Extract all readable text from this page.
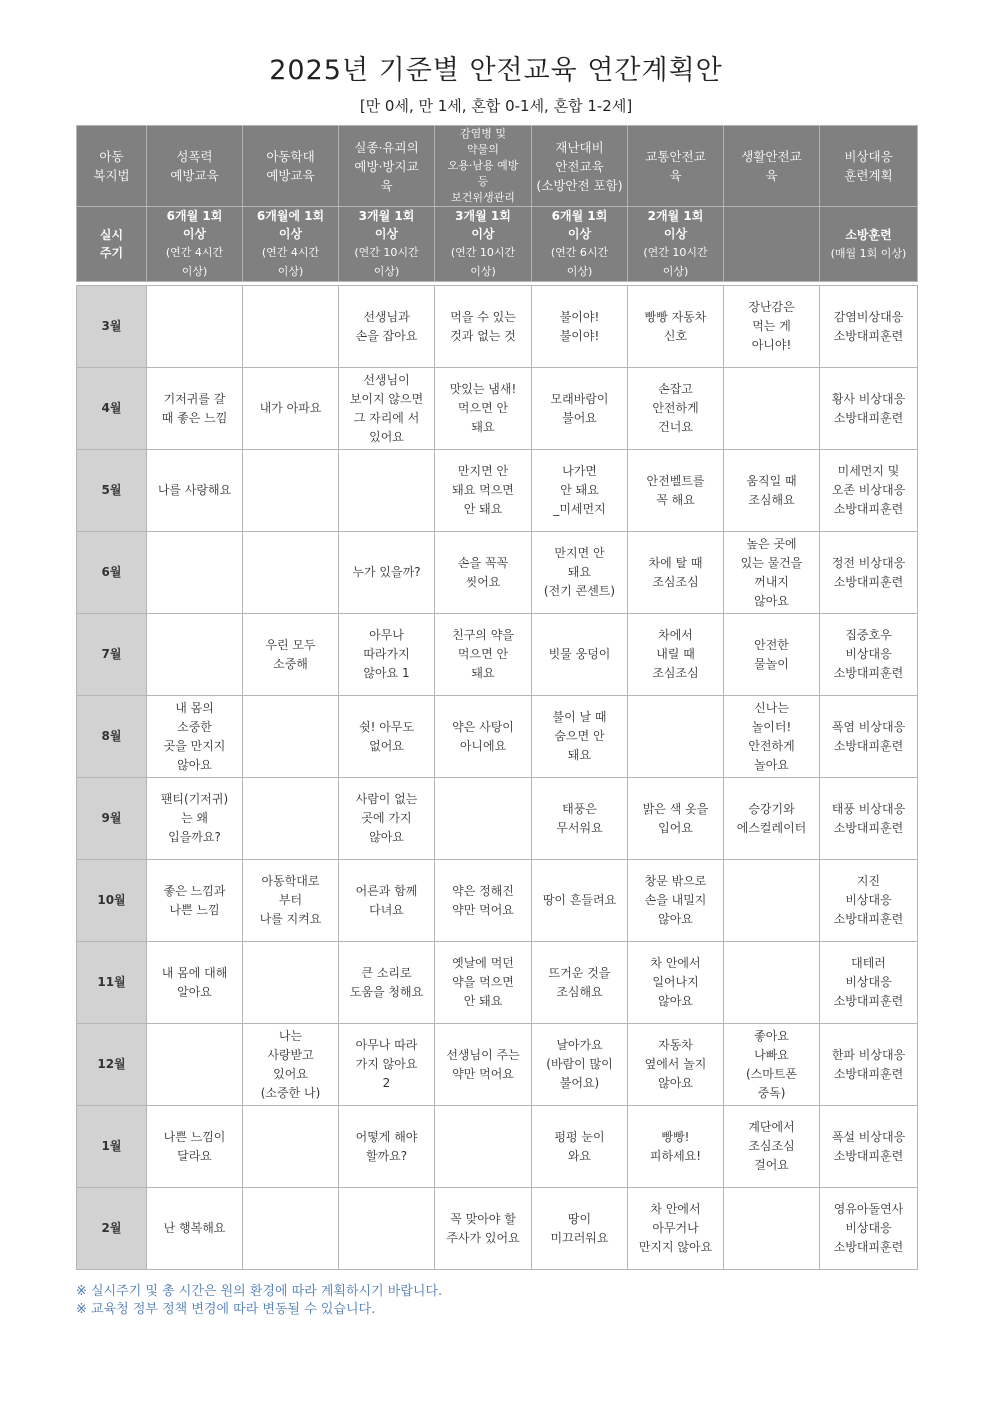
2025년 기준별 안전교육 연간계획안
[만 0세, 만 1세, 혼합 0-1세, 혼합 1-2세]
아동
복지법	성폭력
예방교육	아동학대
예방교육	실종·유괴의
예방·방지교
육	감염병 및
약물의
오용·남용 예방
등
보건위생관리	재난대비
안전교육
(소방안전 포함)	교통안전교
육	생활안전교
육	비상대응
훈련계획
실시
주기	6개월 1회
이상
(연간 4시간
이상)	6개월에 1회
이상
(연간 4시간
이상)	3개월 1회
이상
(연간 10시간
이상)	3개월 1회
이상
(연간 10시간
이상)	6개월 1회
이상
(연간 6시간
이상)	2개월 1회
이상
(연간 10시간
이상)		소방훈련
(매월 1회 이상)

3월			선생님과
손을 잡아요	먹을 수 있는
것과 없는 것	불이야!
불이야!	빵빵 자동차
신호	장난감은
먹는 게
아니야!	감염비상대응
소방대피훈련
4월	기저귀를 갈
때 좋은 느낌	내가 아파요	선생님이
보이지 않으면
그 자리에 서
있어요	맛있는 냄새!
먹으면 안
돼요	모래바람이
불어요	손잡고
안전하게
건너요		황사 비상대응
소방대피훈련
5월	나를 사랑해요			만지면 안
돼요 먹으면
안 돼요	나가면
안 돼요
_미세먼지	안전벨트를
꼭 해요	움직일 때
조심해요	미세먼지 및
오존 비상대응
소방대피훈련
6월			누가 있을까?	손을 꼭꼭
씻어요	만지면 안
돼요
(전기 콘센트)	차에 탈 때
조심조심	높은 곳에
있는 물건을
꺼내지
않아요	정전 비상대응
소방대피훈련
7월		우린 모두
소중해	아무나
따라가지
않아요 1	친구의 약을
먹으면 안
돼요	빗물 웅덩이	차에서
내릴 때
조심조심	안전한
물놀이	집중호우
비상대응
소방대피훈련
8월	내 몸의
소중한
곳을 만지지
않아요		쉿! 아무도
없어요	약은 사탕이
아니에요	불이 날 때
숨으면 안
돼요		신나는
놀이터!
안전하게
놀아요	폭염 비상대응
소방대피훈련
9월	팬티(기저귀)
는 왜
입을까요?		사람이 없는
곳에 가지
않아요		태풍은
무서워요	밝은 색 옷을
입어요	승강기와
에스컬레이터	태풍 비상대응
소방대피훈련
10월	좋은 느낌과
나쁜 느낌	아동학대로
부터
나를 지켜요	어른과 함께
다녀요	약은 정해진
약만 먹어요	땅이 흔들려요	창문 밖으로
손을 내밀지
않아요		지진
비상대응
소방대피훈련
11월	내 몸에 대해
알아요		큰 소리로
도움을 청해요	옛날에 먹던
약을 먹으면
안 돼요	뜨거운 것을
조심해요	차 안에서
일어나지
않아요		대테러
비상대응
소방대피훈련
12월		나는
사랑받고
있어요
(소중한 나)	아무나 따라
가지 않아요
2	선생님이 주는
약만 먹어요	날아가요
(바람이 많이
불어요)	자동차
옆에서 놀지
않아요	좋아요
나빠요
(스마트폰
중독)	한파 비상대응
소방대피훈련
1월	나쁜 느낌이
달라요		어떻게 해야
할까요?		펑펑 눈이
와요	빵빵!
피하세요!	계단에서
조심조심
걸어요	폭설 비상대응
소방대피훈련
2월	난 행복해요			꼭 맞아야 할
주사가 있어요	땅이
미끄러워요	차 안에서
아무거나
만지지 않아요		영유아돌연사
비상대응
소방대피훈련
※ 실시주기 및 총 시간은 원의 환경에 따라 계획하시기 바랍니다.
※ 교육청 정부 정책 변경에 따라 변동될 수 있습니다.
